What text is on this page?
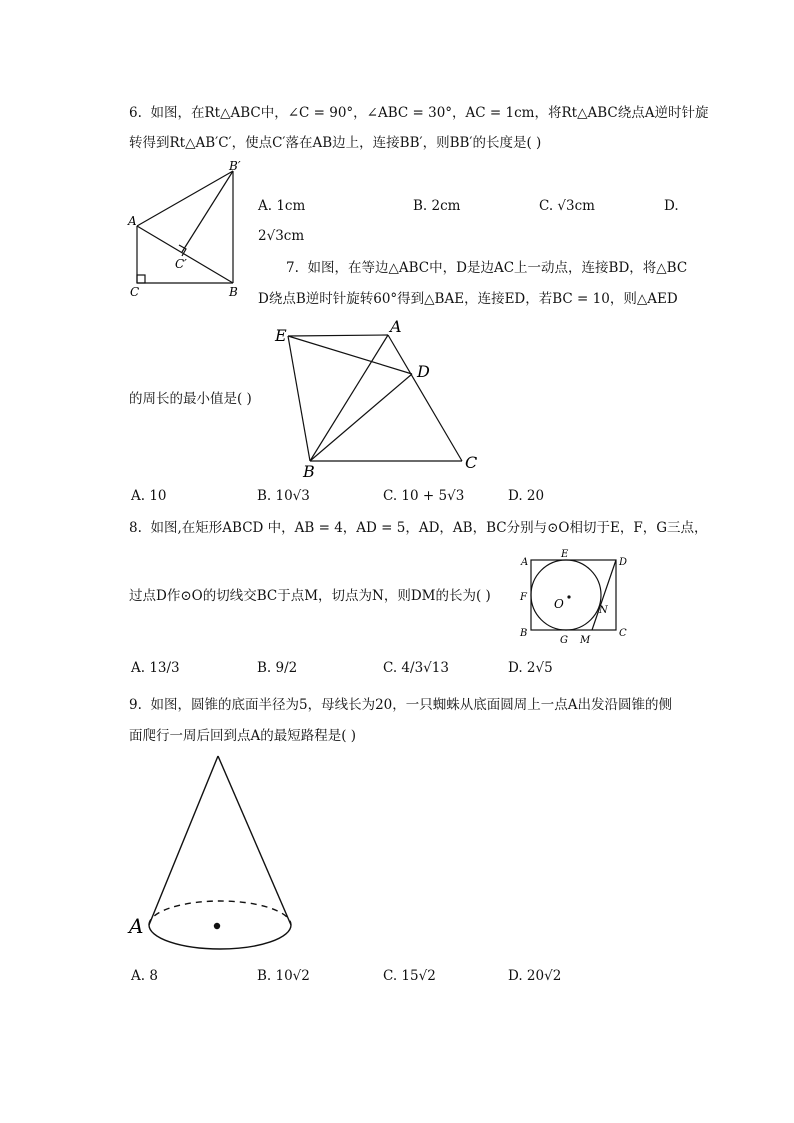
6. 如图，在Rt△ABC中，∠C = 90°，∠ABC = 30°，AC = 1cm，将Rt△ABC绕点A逆时针旋
转得到Rt△AB′C′，使点C′落在AB边上，连接BB′，则BB′的长度是( )
B′
A
C′
C	B
A. 1cm	B. 2cm	C. √3cm	D.
2√3cm
7. 如图，在等边△ABC中，D是边AC上一动点，连接BD，将△BC
D绕点B逆时针旋转60°得到△BAE，连接ED，若BC = 10，则△AED
E	A
D
B	C
的周长的最小值是( )
A. 10	B. 10√3	C. 10 + 5√3	D. 20
8. 如图,在矩形ABCD 中，AB = 4，AD = 5，AD，AB，BC分别与⊙O相切于E，F，G三点，
A
E
D
F O	N
B
G M
C
过点D作⊙O的切线交BC于点M，切点为N，则DM的长为( )
A. 13/3	B. 9/2	C. 4/3√13	D. 2√5
9. 如图，圆锥的底面半径为5，母线长为20，一只蜘蛛从底面圆周上一点A出发沿圆锥的侧
面爬行一周后回到点A的最短路程是( )
A
A. 8	B. 10√2	C. 15√2	D. 20√2
